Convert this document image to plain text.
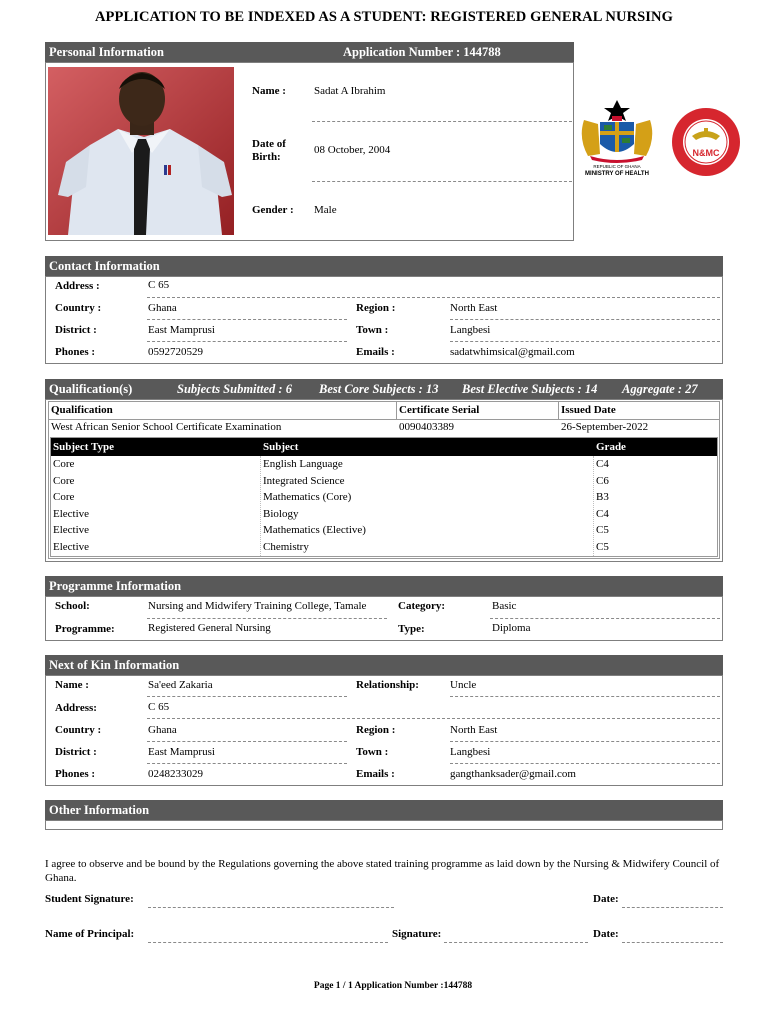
APPLICATION TO BE INDEXED AS A STUDENT: REGISTERED GENERAL NURSING
Personal Information	Application Number : 144788
Name :	Sadat A Ibrahim
Date of
Birth:
08 October, 2004
Gender : Male
REPUBLIC OF GHANA
MINISTRY OF HEALTH
N&MC
Contact Information
Address :	C 65
Country :	Ghana	Region :	North East
District :	East Mamprusi	Town :	Langbesi
Phones :	0592720529	Emails :	sadatwhimsical@gmail.com
Qualification(s)	Subjects Submitted : 6 Best Core Subjects : 13 Best Elective Subjects : 14 Aggregate : 27
Qualification	Certificate Serial	Issued Date
West African Senior School Certificate Examination	0090403389	26-September-2022
Subject Type	Subject	Grade
Core	English Language	C4
Core	Integrated Science	C6
Core	Mathematics (Core)	B3
Elective	Biology	C4
Elective	Mathematics (Elective)	C5
Elective	Chemistry	C5
Programme Information
School:	Nursing and Midwifery Training College, Tamale	Category:	Basic
Programme:	Registered General Nursing	Type:	Diploma
Next of Kin Information
Name :	Sa'eed Zakaria	Relationship:	Uncle
Address:	C 65
Country :	Ghana	Region :	North East
District :	East Mamprusi	Town :	Langbesi
Phones :	0248233029	Emails :	gangthanksader@gmail.com
Other Information
I agree to observe and be bound by the Regulations governing the above stated training programme as laid down by the Nursing & Midwifery Council of Ghana.
Student Signature:	Date:
Name of Principal:	Signature:	Date:
Page 1 / 1 Application Number :144788
